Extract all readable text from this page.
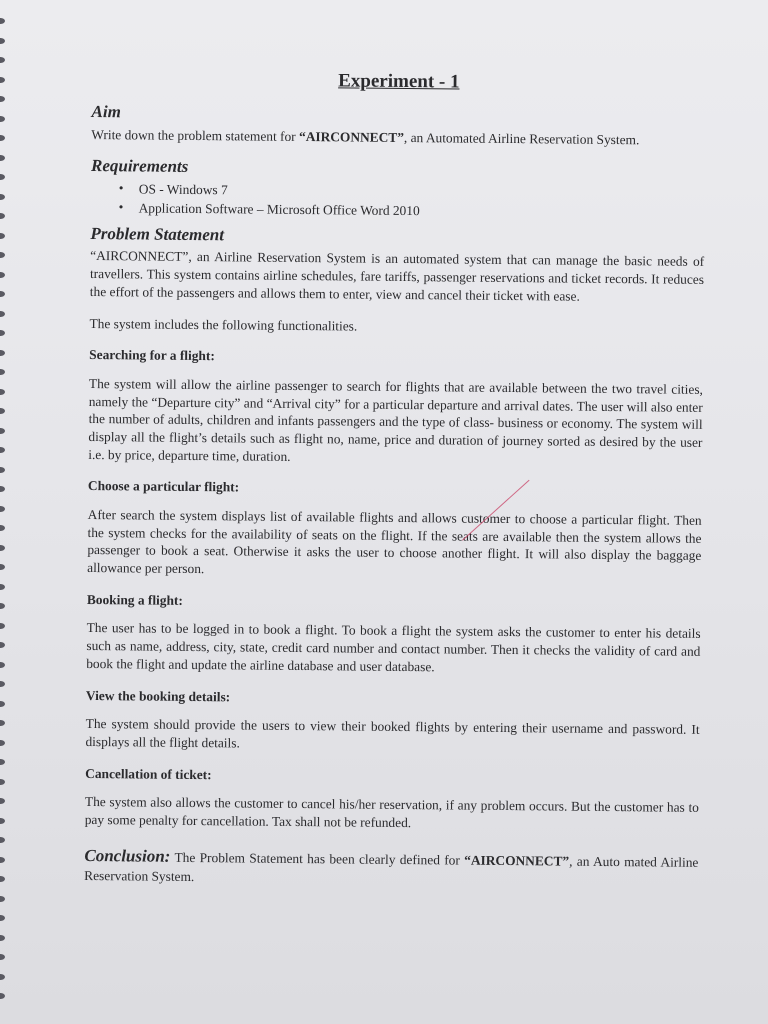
Experiment - 1
Aim

Write down the problem statement for “AIRCONNECT”, an Automated Airline Reservation System.

Requirements
• OS - Windows 7
• Application Software – Microsoft Office Word 2010
Problem Statement

“AIRCONNECT”, an Airline Reservation System is an automated system that can manage the basic needs of travellers. This system contains airline schedules, fare tariffs, passenger reservations and ticket records. It reduces the effort of the passengers and allows them to enter, view and cancel their ticket with ease.

The system includes the following functionalities.

Searching for a flight:

The system will allow the airline passenger to search for flights that are available between the two travel cities, namely the “Departure city” and “Arrival city” for a particular departure and arrival dates. The user will also enter the number of adults, children and infants passengers and the type of class- business or economy. The system will display all the flight’s details such as flight no, name, price and duration of journey sorted as desired by the user i.e. by price, departure time, duration.

Choose a particular flight:

After search the system displays list of available flights and allows customer to choose a particular flight. Then the system checks for the availability of seats on the flight. If the seats are available then the system allows the passenger to book a seat. Otherwise it asks the user to choose another flight. It will also display the baggage allowance per person.

Booking a flight:

The user has to be logged in to book a flight. To book a flight the system asks the customer to enter his details such as name, address, city, state, credit card number and contact number. Then it checks the validity of card and book the flight and update the airline database and user database.

View the booking details:

The system should provide the users to view their booked flights by entering their username and password. It displays all the flight details.

Cancellation of ticket:

The system also allows the customer to cancel his/her reservation, if any problem occurs. But the customer has to pay some penalty for cancellation. Tax shall not be refunded.

Conclusion: The Problem Statement has been clearly defined for “AIRCONNECT”, an Auto mated Airline Reservation System.
